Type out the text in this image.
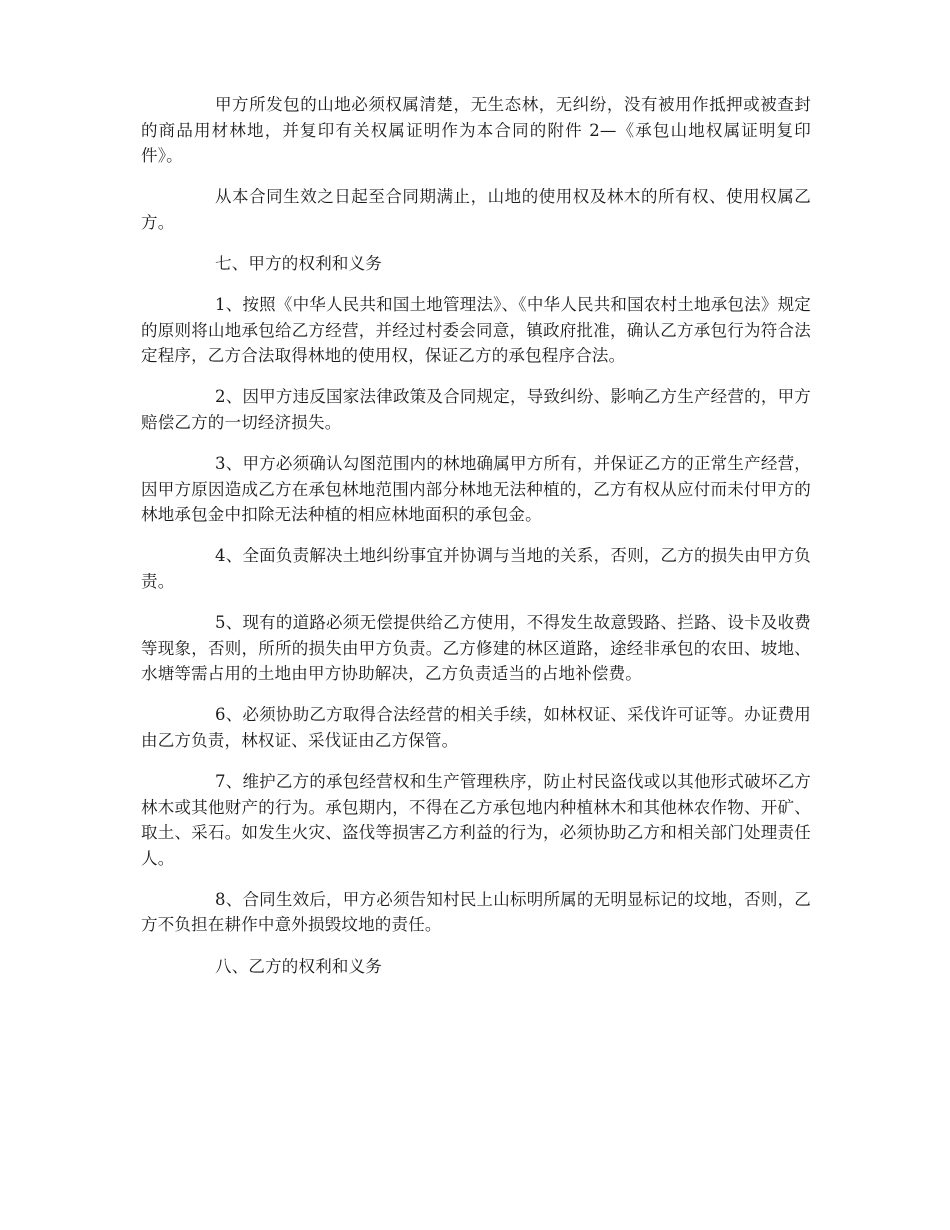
甲方所发包的山地必须权属清楚，无生态林，无纠纷，没有被用作抵押或被查封的商品用材林地，并复印有关权属证明作为本合同的附件 2—《承包山地权属证明复印件》。

从本合同生效之日起至合同期满止，山地的使用权及林木的所有权、使用权属乙方。

七、甲方的权利和义务

1、按照《中华人民共和国土地管理法》、《中华人民共和国农村土地承包法》规定的原则将山地承包给乙方经营，并经过村委会同意，镇政府批准，确认乙方承包行为符合法定程序，乙方合法取得林地的使用权，保证乙方的承包程序合法。

2、因甲方违反国家法律政策及合同规定，导致纠纷、影响乙方生产经营的，甲方赔偿乙方的一切经济损失。

3、甲方必须确认勾图范围内的林地确属甲方所有，并保证乙方的正常生产经营，因甲方原因造成乙方在承包林地范围内部分林地无法种植的，乙方有权从应付而未付甲方的林地承包金中扣除无法种植的相应林地面积的承包金。

4、全面负责解决土地纠纷事宜并协调与当地的关系，否则，乙方的损失由甲方负责。

5、现有的道路必须无偿提供给乙方使用，不得发生故意毁路、拦路、设卡及收费等现象，否则，所所的损失由甲方负责。乙方修建的林区道路，途经非承包的农田、坡地、水塘等需占用的土地由甲方协助解决，乙方负责适当的占地补偿费。

6、必须协助乙方取得合法经营的相关手续，如林权证、采伐许可证等。办证费用由乙方负责，林权证、采伐证由乙方保管。

7、维护乙方的承包经营权和生产管理秩序，防止村民盗伐或以其他形式破坏乙方林木或其他财产的行为。承包期内，不得在乙方承包地内种植林木和其他林农作物、开矿、取土、采石。如发生火灾、盗伐等损害乙方利益的行为，必须协助乙方和相关部门处理责任人。

8、合同生效后，甲方必须告知村民上山标明所属的无明显标记的坟地，否则，乙方不负担在耕作中意外损毁坟地的责任。

八、乙方的权利和义务
